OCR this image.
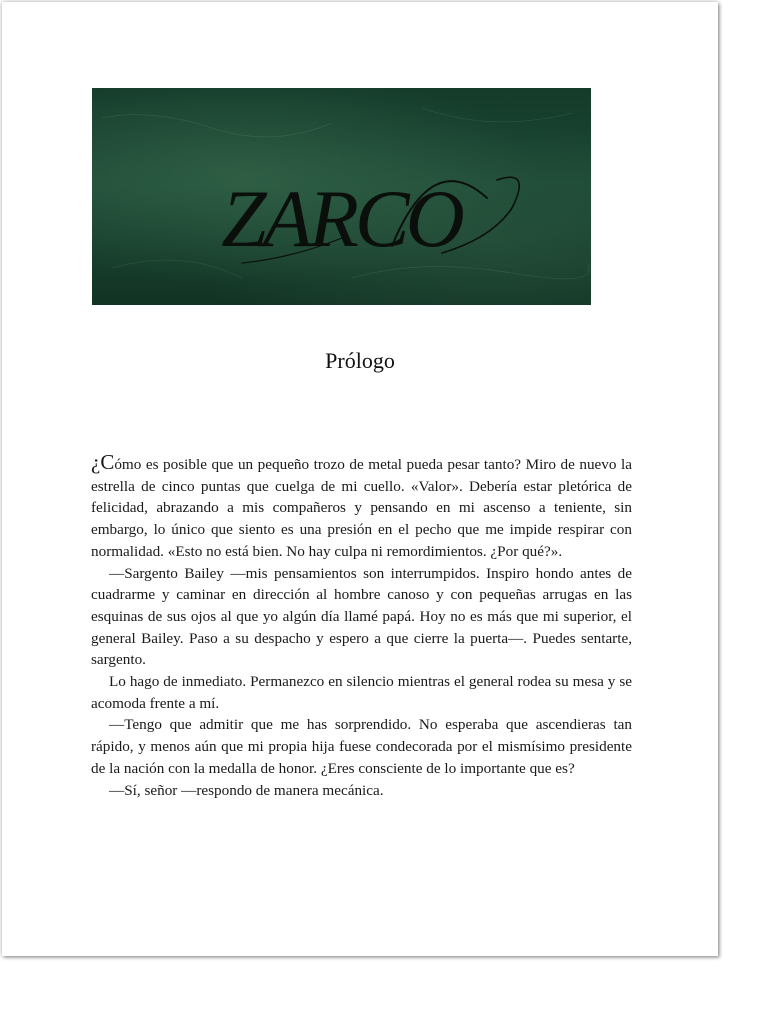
ZARCO
Prólogo

¿Cómo es posible que un pequeño trozo de metal pueda pesar tanto? Miro de nuevo la estrella de cinco puntas que cuelga de mi cuello. «Valor». Debería estar pletórica de felicidad, abrazando a mis compañeros y pensando en mi ascenso a teniente, sin embargo, lo único que siento es una presión en el pecho que me impide respirar con normalidad. «Esto no está bien. No hay culpa ni remordimientos. ¿Por qué?».

—Sargento Bailey —mis pensamientos son interrumpidos. Inspiro hondo antes de cuadrarme y caminar en dirección al hombre canoso y con pequeñas arrugas en las esquinas de sus ojos al que yo algún día llamé papá. Hoy no es más que mi superior, el general Bailey. Paso a su despacho y espero a que cierre la puerta—. Puedes sentarte, sargento.

Lo hago de inmediato. Permanezco en silencio mientras el general rodea su mesa y se acomoda frente a mí.

—Tengo que admitir que me has sorprendido. No esperaba que ascendieras tan rápido, y menos aún que mi propia hija fuese condecorada por el mismísimo presidente de la nación con la medalla de honor. ¿Eres consciente de lo importante que es?

—Sí, señor —respondo de manera mecánica.
